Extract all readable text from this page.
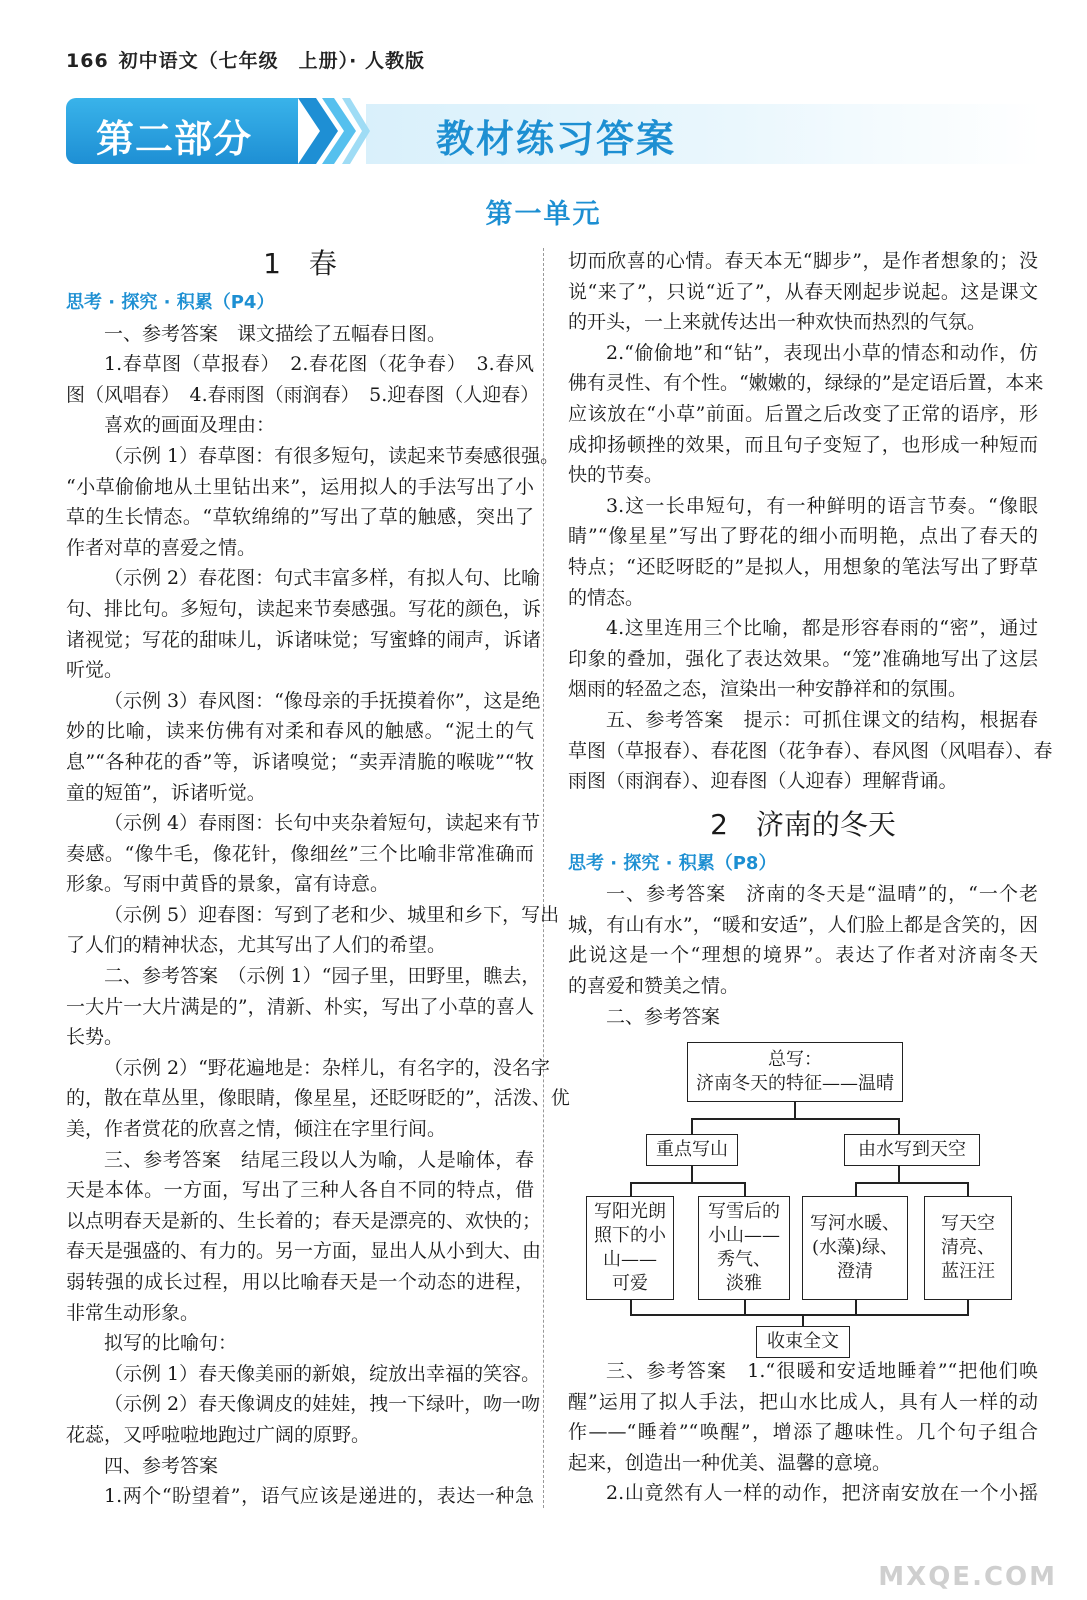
166 初中语文（七年级　上册）· 人教版
教材练习答案
第二部分
第一单元
1　春
思考 · 探究 · 积累（P4）
一、参考答案　课文描绘了五幅春日图。
1.春草图（草报春）　2.春花图（花争春）　3.春风
图（风唱春）　4.春雨图（雨润春）　5.迎春图（人迎春）
喜欢的画面及理由：
（示例 1）春草图：有很多短句，读起来节奏感很强。
“小草偷偷地从土里钻出来”，运用拟人的手法写出了小
草的生长情态。“草软绵绵的”写出了草的触感，突出了
作者对草的喜爱之情。
（示例 2）春花图：句式丰富多样，有拟人句、比喻
句、排比句。多短句，读起来节奏感强。写花的颜色，诉
诸视觉；写花的甜味儿，诉诸味觉；写蜜蜂的闹声，诉诸
听觉。
（示例 3）春风图：“像母亲的手抚摸着你”，这是绝
妙的比喻，读来仿佛有对柔和春风的触感。“泥土的气
息”“各种花的香”等，诉诸嗅觉；“卖弄清脆的喉咙”“牧
童的短笛”，诉诸听觉。
（示例 4）春雨图：长句中夹杂着短句，读起来有节
奏感。“像牛毛，像花针，像细丝”三个比喻非常准确而
形象。写雨中黄昏的景象，富有诗意。
（示例 5）迎春图：写到了老和少、城里和乡下，写出
了人们的精神状态，尤其写出了人们的希望。
二、参考答案　（示例 1）“园子里，田野里，瞧去，
一大片一大片满是的”，清新、朴实，写出了小草的喜人
长势。
（示例 2）“野花遍地是：杂样儿，有名字的，没名字
的，散在草丛里，像眼睛，像星星，还眨呀眨的”，活泼、优
美，作者赏花的欣喜之情，倾注在字里行间。
三、参考答案　结尾三段以人为喻，人是喻体，春
天是本体。一方面，写出了三种人各自不同的特点，借
以点明春天是新的、生长着的；春天是漂亮的、欢快的；
春天是强盛的、有力的。另一方面，显出人从小到大、由
弱转强的成长过程，用以比喻春天是一个动态的进程，
非常生动形象。
拟写的比喻句：
（示例 1）春天像美丽的新娘，绽放出幸福的笑容。
（示例 2）春天像调皮的娃娃，拽一下绿叶，吻一吻
花蕊，又呼啦啦地跑过广阔的原野。
四、参考答案
1.两个“盼望着”，语气应该是递进的，表达一种急
切而欣喜的心情。春天本无“脚步”，是作者想象的；没
说“来了”，只说“近了”，从春天刚起步说起。这是课文
的开头，一上来就传达出一种欢快而热烈的气氛。
2.“偷偷地”和“钻”，表现出小草的情态和动作，仿
佛有灵性、有个性。“嫩嫩的，绿绿的”是定语后置，本来
应该放在“小草”前面。后置之后改变了正常的语序，形
成抑扬顿挫的效果，而且句子变短了，也形成一种短而
快的节奏。
3.这一长串短句，有一种鲜明的语言节奏。“像眼
睛”“像星星”写出了野花的细小而明艳，点出了春天的
特点；“还眨呀眨的”是拟人，用想象的笔法写出了野草
的情态。
4.这里连用三个比喻，都是形容春雨的“密”，通过
印象的叠加，强化了表达效果。“笼”准确地写出了这层
烟雨的轻盈之态，渲染出一种安静祥和的氛围。
五、参考答案　提示：可抓住课文的结构，根据春
草图（草报春）、春花图（花争春）、春风图（风唱春）、春
雨图（雨润春）、迎春图（人迎春）理解背诵。
2　济南的冬天
思考 · 探究 · 积累（P8）
一、参考答案　济南的冬天是“温晴”的，“一个老
城，有山有水”，“暖和安适”，人们脸上都是含笑的，因
此说这是一个“理想的境界”。表达了作者对济南冬天
的喜爱和赞美之情。
二、参考答案
总写：
济南冬天的特征——温晴
重点写山	由水写到天空
写阳光朗
照下的小
山——
可爱
写雪后的
小山——
秀气、
淡雅
写河水暖、
(水藻)绿、
澄清
写天空
清亮、
蓝汪汪
收束全文
三、参考答案　1.“很暖和安适地睡着”“把他们唤
醒”运用了拟人手法，把山水比成人，具有人一样的动
作——“睡着”“唤醒”，增添了趣味性。几个句子组合
起来，创造出一种优美、温馨的意境。
2.山竟然有人一样的动作，把济南安放在一个小摇
MXQE.COM
